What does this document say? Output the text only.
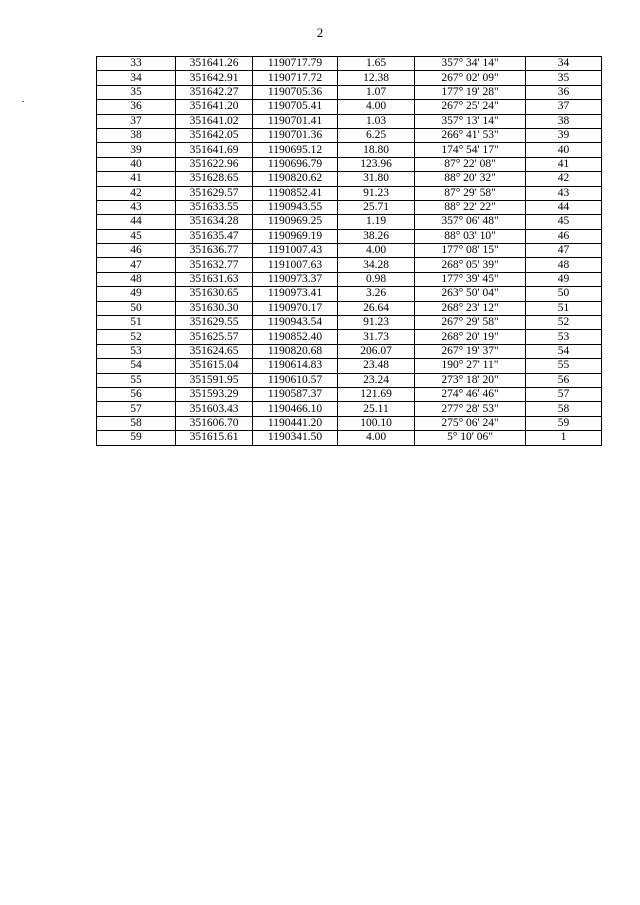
2
33	351641.26	1190717.79	1.65	357° 34' 14"	34
34	351642.91	1190717.72	12.38	267° 02' 09"	35
35	351642.27	1190705.36	1.07	177° 19' 28"	36
36	351641.20	1190705.41	4.00	267° 25' 24"	37
37	351641.02	1190701.41	1.03	357° 13' 14"	38
38	351642.05	1190701.36	6.25	266° 41' 53"	39
39	351641.69	1190695.12	18.80	174° 54' 17"	40
40	351622.96	1190696.79	123.96	87° 22' 08"	41
41	351628.65	1190820.62	31.80	88° 20' 32"	42
42	351629.57	1190852.41	91.23	87° 29' 58"	43
43	351633.55	1190943.55	25.71	88° 22' 22"	44
44	351634.28	1190969.25	1.19	357° 06' 48"	45
45	351635.47	1190969.19	38.26	88° 03' 10"	46
46	351636.77	1191007.43	4.00	177° 08' 15"	47
47	351632.77	1191007.63	34.28	268° 05' 39"	48
48	351631.63	1190973.37	0.98	177° 39' 45"	49
49	351630.65	1190973.41	3.26	263° 50' 04"	50
50	351630.30	1190970.17	26.64	268° 23' 12"	51
51	351629.55	1190943.54	91.23	267° 29' 58"	52
52	351625.57	1190852.40	31.73	268° 20' 19"	53
53	351624.65	1190820.68	206.07	267° 19' 37"	54
54	351615.04	1190614.83	23.48	190° 27' 11"	55
55	351591.95	1190610.57	23.24	273° 18' 20"	56
56	351593.29	1190587.37	121.69	274° 46' 46"	57
57	351603.43	1190466.10	25.11	277° 28' 53"	58
58	351606.70	1190441.20	100.10	275° 06' 24"	59
59	351615.61	1190341.50	4.00	5° 10' 06"	1
